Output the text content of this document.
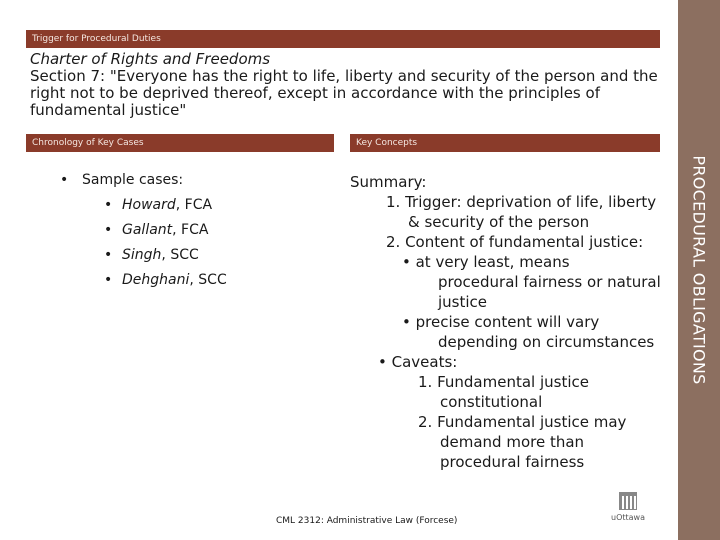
Trigger for Procedural Duties
Charter of Rights and Freedoms
Section 7: "Everyone has the right to life, liberty and security of the person and the right not to be deprived thereof, except in accordance with the principles of fundamental justice"
Chronology of Key Cases	Key Concepts
• Sample cases:
• Howard, FCA
• Gallant, FCA
• Singh, SCC
• Dehghani, SCC
Summary:
1. Trigger: deprivation of life, liberty
& security of the person
2. Content of fundamental justice:
• at very least, means
procedural fairness or natural
justice
• precise content will vary
depending on circumstances
• Caveats:
1. Fundamental justice
constitutional
2. Fundamental justice may
demand more than
procedural fairness
CML 2312: Administrative Law (Forcese)	uOttawa
PROCEDURAL OBLIGATIONS
